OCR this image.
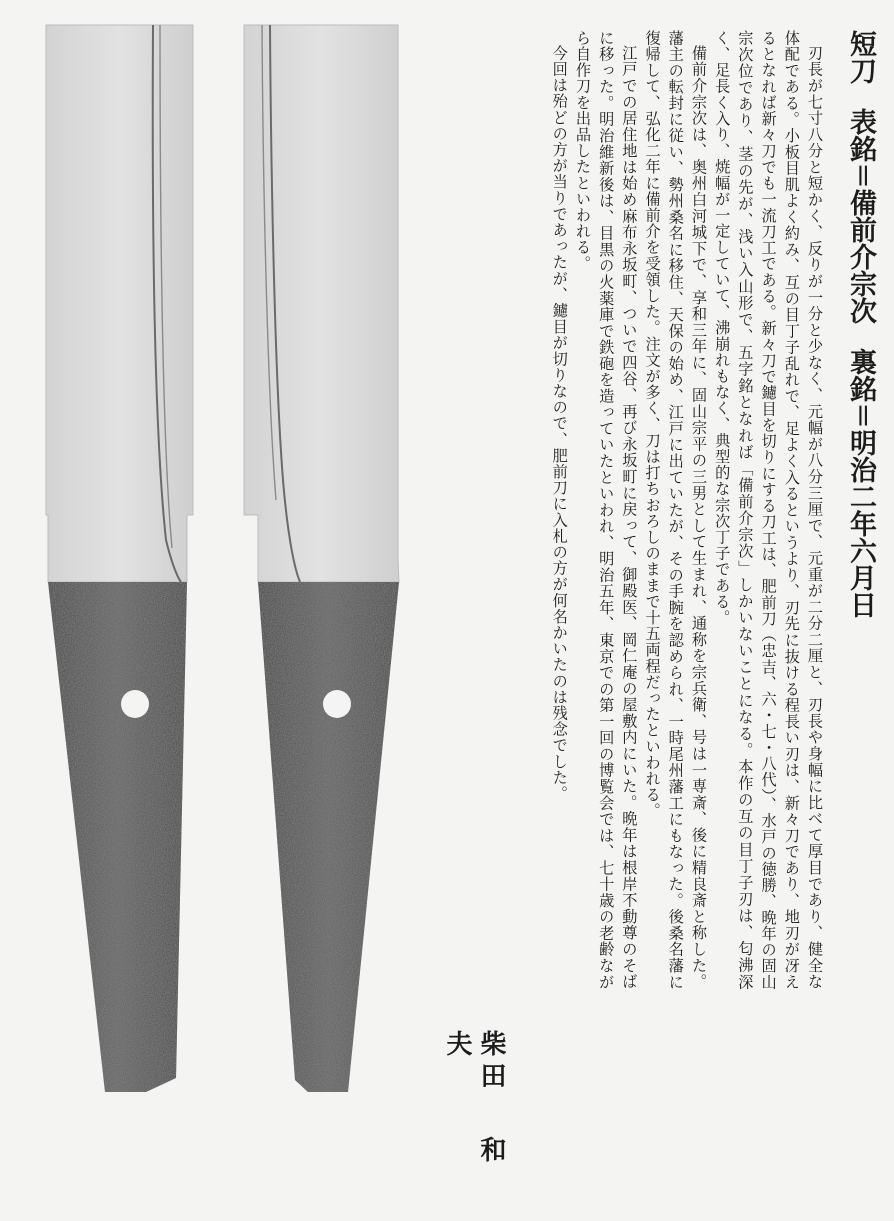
短刀表銘＝備前介宗次裏銘＝明治二年六月日

刃長が七寸八分と短かく、反りが一分と少なく、元幅が八分三厘で、元重が二分二厘と、刃長や身幅に比べて厚目であり、健全な体配である。小板目肌よく約み、互の目丁子乱れで、足よく入るというより、刃先に抜ける程長い刃は、新々刀であり、地刃が冴えるとなれば新々刀でも一流刀工である。新々刀で鑢目を切りにする刀工は、肥前刀（忠吉、六・七・八代）、水戸の徳勝、晩年の固山宗次位であり、茎の先が、浅い入山形で、五字銘となれば「備前介宗次」しかいないことになる。本作の互の目丁子刃は、匂沸深く、足長く入り、焼幅が一定していて、沸崩れもなく、典型的な宗次丁子である。

備前介宗次は、奥州白河城下で、享和三年に、固山宗平の三男として生まれ、通称を宗兵衛、号は一専斎、後に精良斎と称した。藩主の転封に従い、勢州桑名に移住、天保の始め、江戸に出ていたが、その手腕を認められ、一時尾州藩工にもなった。後桑名藩に復帰して、弘化二年に備前介を受領した。注文が多く、刀は打ちおろしのままで十五両程だったといわれる。

江戸での居住地は始め麻布永坂町、ついで四谷、再び永坂町に戻って、御殿医、岡仁庵の屋敷内にいた。晩年は根岸不動尊のそばに移った。明治維新後は、目黒の火薬庫で鉄砲を造っていたといわれ、明治五年、東京での第一回の博覧会では、七十歳の老齢ながら自作刀を出品したといわれる。

今回は殆どの方が当りであったが、鑢目が切りなので、肥前刀に入札の方が何名かいたのは残念でした。

柴田和夫
